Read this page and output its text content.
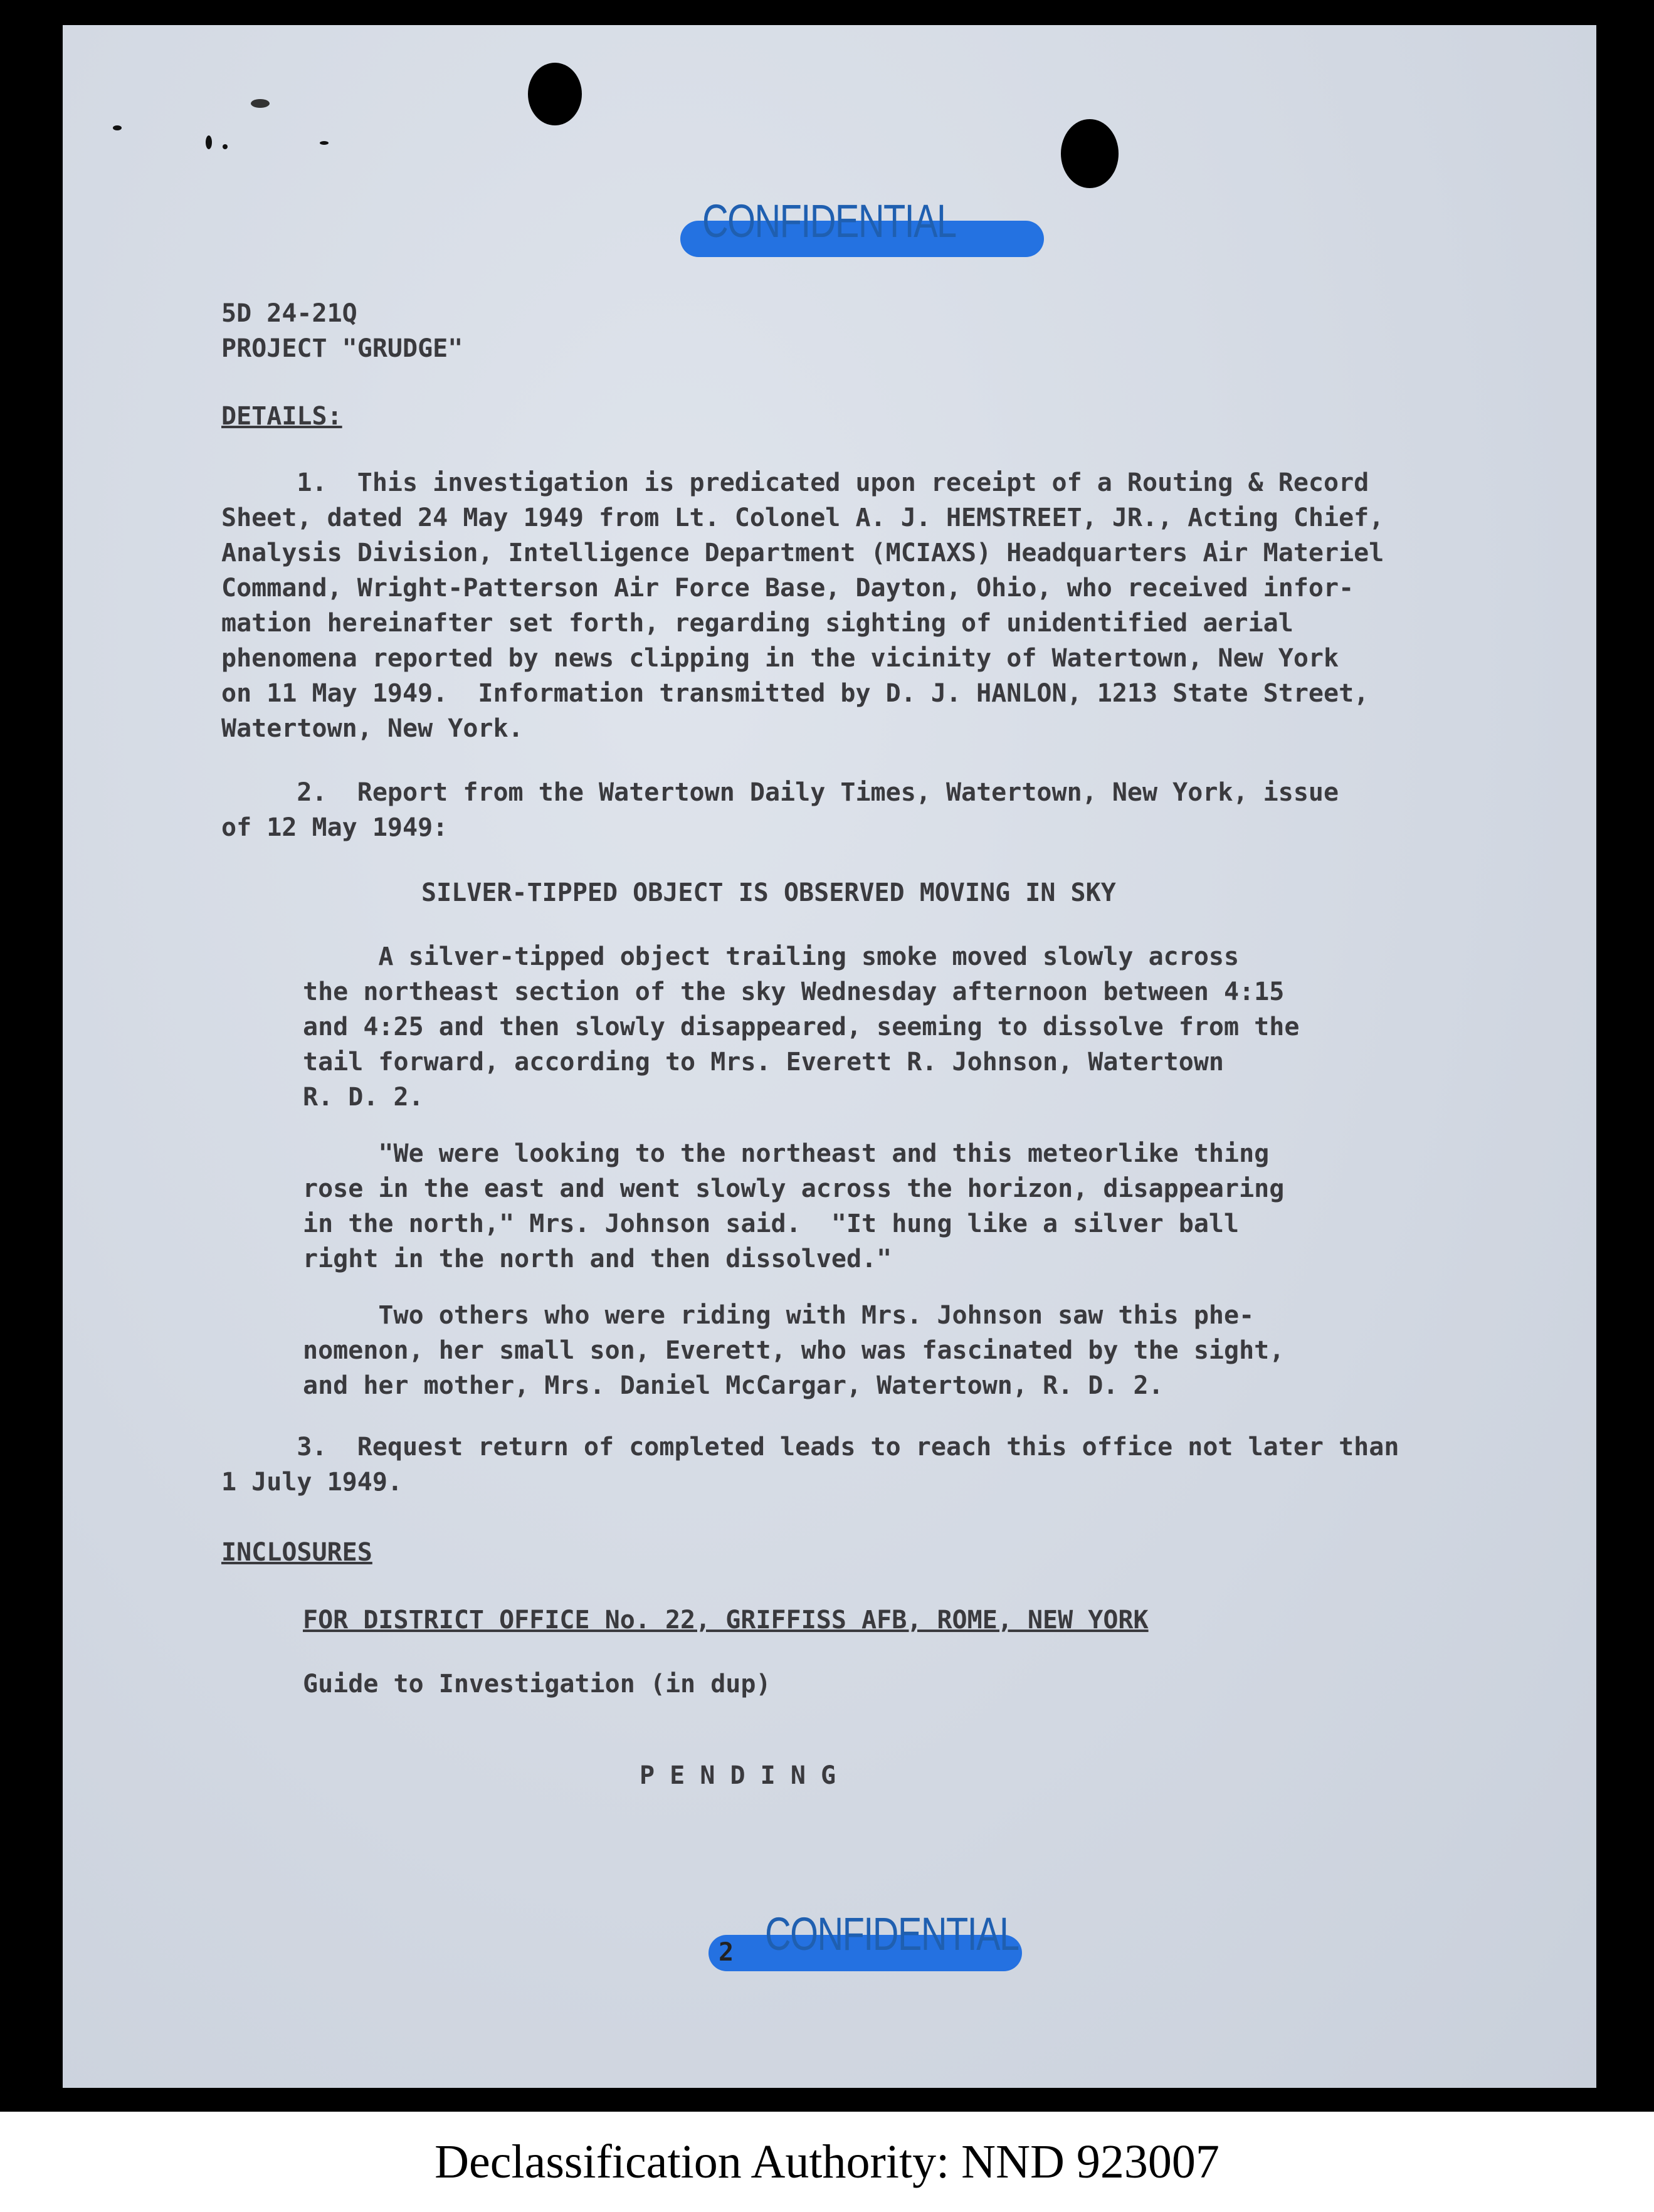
CONFIDENTIAL

5D 24-21Q

PROJECT "GRUDGE"

DETAILS:

1.  This investigation is predicated upon receipt of a Routing & Record

Sheet, dated 24 May 1949 from Lt. Colonel A. J. HEMSTREET, JR., Acting Chief,

Analysis Division, Intelligence Department (MCIAXS) Headquarters Air Materiel

Command, Wright-Patterson Air Force Base, Dayton, Ohio, who received infor-

mation hereinafter set forth, regarding sighting of unidentified aerial

phenomena reported by news clipping in the vicinity of Watertown, New York

on 11 May 1949.  Information transmitted by D. J. HANLON, 1213 State Street,

Watertown, New York.

2.  Report from the Watertown Daily Times, Watertown, New York, issue

of 12 May 1949:

SILVER-TIPPED OBJECT IS OBSERVED MOVING IN SKY

A silver-tipped object trailing smoke moved slowly across

the northeast section of the sky Wednesday afternoon between 4:15

and 4:25 and then slowly disappeared, seeming to dissolve from the

tail forward, according to Mrs. Everett R. Johnson, Watertown

R. D. 2.

"We were looking to the northeast and this meteorlike thing

rose in the east and went slowly across the horizon, disappearing

in the north," Mrs. Johnson said.  "It hung like a silver ball

right in the north and then dissolved."

Two others who were riding with Mrs. Johnson saw this phe-

nomenon, her small son, Everett, who was fascinated by the sight,

and her mother, Mrs. Daniel McCargar, Watertown, R. D. 2.

3.  Request return of completed leads to reach this office not later than

1 July 1949.

INCLOSURES

FOR DISTRICT OFFICE No. 22, GRIFFISS AFB, ROME, NEW YORK

Guide to Investigation (in dup)

P E N D I N G

CONFIDENTIAL

2

Declassification Authority: NND 923007
